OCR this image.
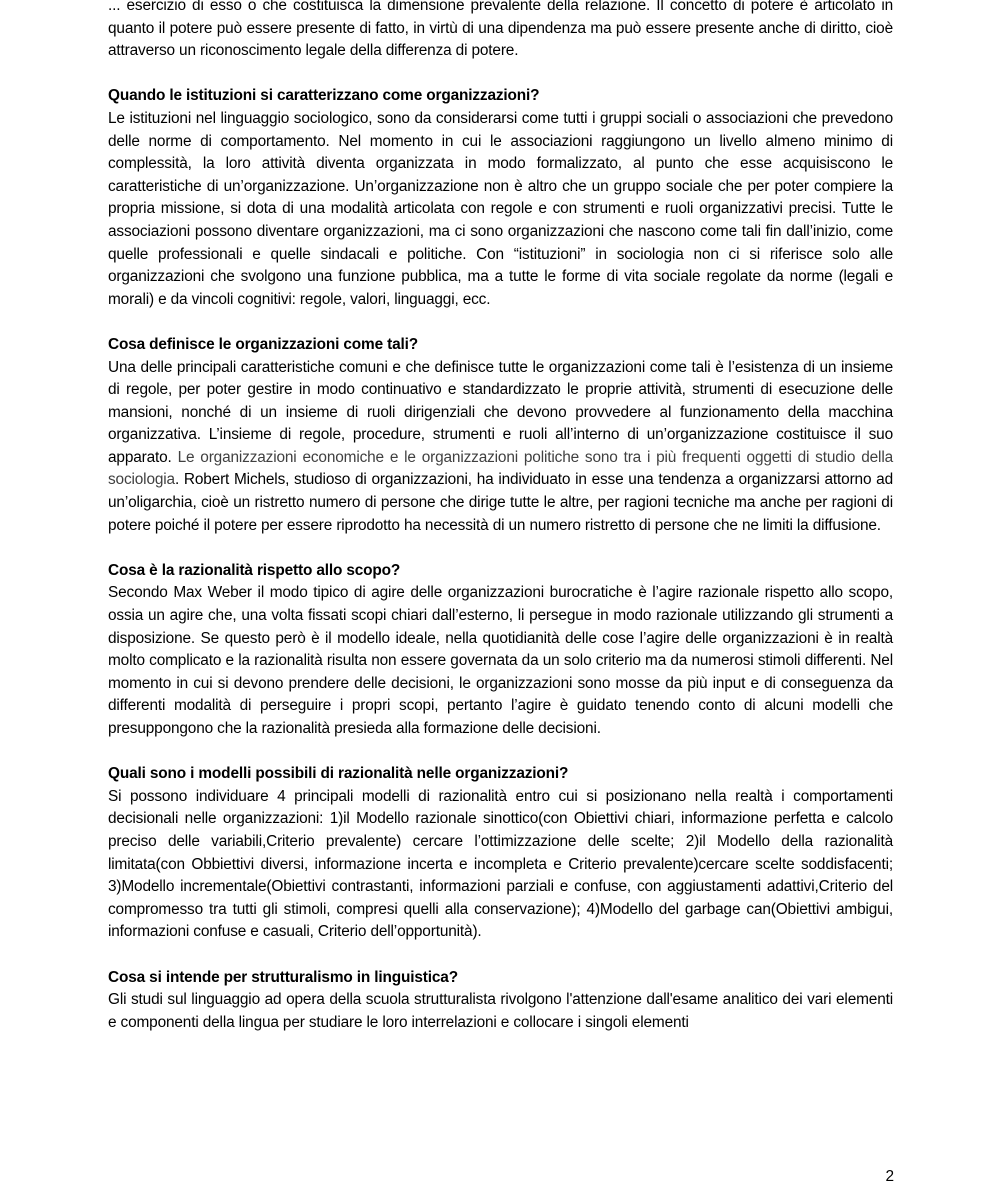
... esercizio di esso o che costituisca la dimensione prevalente della relazione. Il concetto di potere è articolato in quanto il potere può essere presente di fatto, in virtù di una dipendenza ma può essere presente anche di diritto, cioè attraverso un riconoscimento legale della differenza di potere.

Quando le istituzioni si caratterizzano come organizzazioni?

Le istituzioni nel linguaggio sociologico, sono da considerarsi come tutti i gruppi sociali o associazioni che prevedono delle norme di comportamento. Nel momento in cui le associazioni raggiungono un livello almeno minimo di complessità, la loro attività diventa organizzata in modo formalizzato, al punto che esse acquisiscono le caratteristiche di un’organizzazione. Un’organizzazione non è altro che un gruppo sociale che per poter compiere la propria missione, si dota di una modalità articolata con regole e con strumenti e ruoli organizzativi precisi. Tutte le associazioni possono diventare organizzazioni, ma ci sono organizzazioni che nascono come tali fin dall’inizio, come quelle professionali e quelle sindacali e politiche. Con “istituzioni” in sociologia non ci si riferisce solo alle organizzazioni che svolgono una funzione pubblica, ma a tutte le forme di vita sociale regolate da norme (legali e morali) e da vincoli cognitivi: regole, valori, linguaggi, ecc.

Cosa definisce le organizzazioni come tali?

Una delle principali caratteristiche comuni e che definisce tutte le organizzazioni come tali è l’esistenza di un insieme di regole, per poter gestire in modo continuativo e standardizzato le proprie attività, strumenti di esecuzione delle mansioni, nonché di un insieme di ruoli dirigenziali che devono provvedere al funzionamento della macchina organizzativa. L’insieme di regole, procedure, strumenti e ruoli all’interno di un’organizzazione costituisce il suo apparato. Le organizzazioni economiche e le organizzazioni politiche sono tra i più frequenti oggetti di studio della sociologia. Robert Michels, studioso di organizzazioni, ha individuato in esse una tendenza a organizzarsi attorno ad un’oligarchia, cioè un ristretto numero di persone che dirige tutte le altre, per ragioni tecniche ma anche per ragioni di potere poiché il potere per essere riprodotto ha necessità di un numero ristretto di persone che ne limiti la diffusione.

Cosa è la razionalità rispetto allo scopo?

Secondo Max Weber il modo tipico di agire delle organizzazioni burocratiche è l’agire razionale rispetto allo scopo, ossia un agire che, una volta fissati scopi chiari dall’esterno, li persegue in modo razionale utilizzando gli strumenti a disposizione. Se questo però è il modello ideale, nella quotidianità delle cose l’agire delle organizzazioni è in realtà molto complicato e la razionalità risulta non essere governata da un solo criterio ma da numerosi stimoli differenti. Nel momento in cui si devono prendere delle decisioni, le organizzazioni sono mosse da più input e di conseguenza da differenti modalità di perseguire i propri scopi, pertanto l’agire è guidato tenendo conto di alcuni modelli che presuppongono che la razionalità presieda alla formazione delle decisioni.

Quali sono i modelli possibili di razionalità nelle organizzazioni?

Si possono individuare 4 principali modelli di razionalità entro cui si posizionano nella realtà i comportamenti decisionali nelle organizzazioni: 1)il Modello razionale sinottico(con Obiettivi chiari, informazione perfetta e calcolo preciso delle variabili,Criterio prevalente) cercare l’ottimizzazione delle scelte; 2)il Modello della razionalità limitata(con Obbiettivi diversi, informazione incerta e incompleta e Criterio prevalente)cercare scelte soddisfacenti; 3)Modello incrementale(Obiettivi contrastanti, informazioni parziali e confuse, con aggiustamenti adattivi,Criterio del compromesso tra tutti gli stimoli, compresi quelli alla conservazione); 4)Modello del garbage can(Obiettivi ambigui, informazioni confuse e casuali, Criterio dell’opportunità).

Cosa si intende per strutturalismo in linguistica?

Gli studi sul linguaggio ad opera della scuola strutturalista rivolgono l'attenzione dall'esame analitico dei vari elementi e componenti della lingua per studiare le loro interrelazioni e collocare i singoli elementi

2
